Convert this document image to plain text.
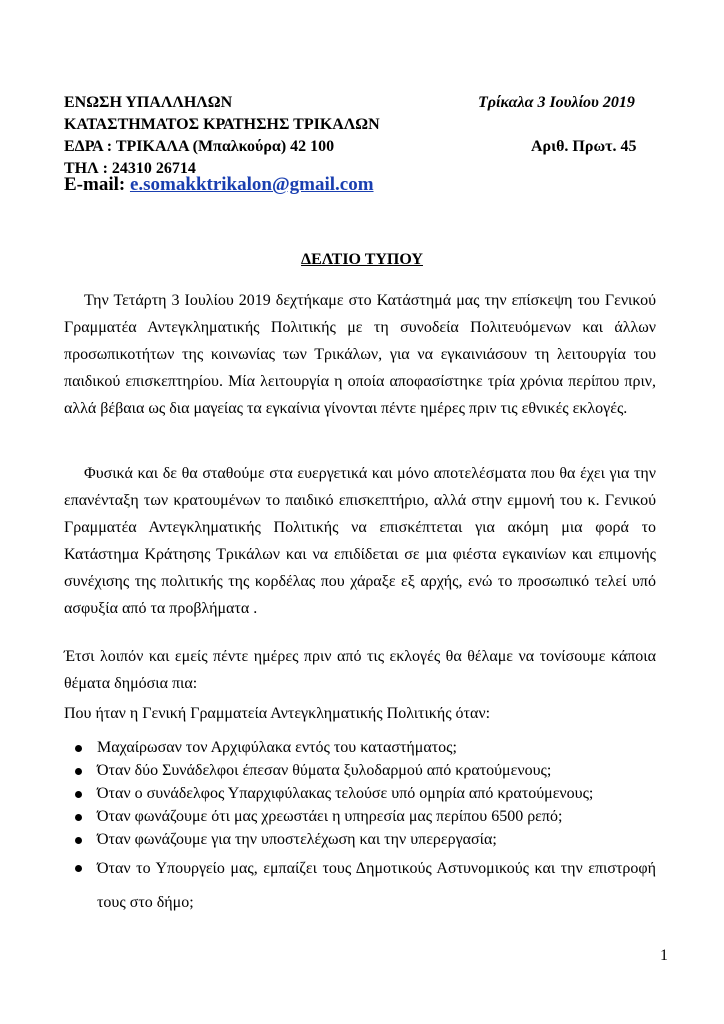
ΕΝΩΣΗ ΥΠΑΛΛΗΛΩΝ
ΚΑΤΑΣΤΗΜΑΤΟΣ ΚΡΑΤΗΣΗΣ ΤΡΙΚΑΛΩΝ
ΕΔΡΑ : ΤΡΙΚΑΛΑ (Μπαλκούρα) 42 100
ΤΗΛ : 24310 26714
E-mail: e.somakktrikalon@gmail.com
Τρίκαλα 3 Ιουλίου 2019
Αριθ. Πρωτ. 45
ΔΕΛΤΙΟ ΤΥΠΟΥ

Την Τετάρτη 3 Ιουλίου 2019 δεχτήκαμε στο Κατάστημά μας την επίσκεψη του Γενικού Γραμματέα Αντεγκληματικής Πολιτικής με τη συνοδεία Πολιτευόμενων και άλλων προσωπικοτήτων της κοινωνίας των Τρικάλων, για να εγκαινιάσουν τη λειτουργία του παιδικού επισκεπτηρίου. Μία λειτουργία η οποία αποφασίστηκε τρία χρόνια περίπου πριν, αλλά βέβαια ως δια μαγείας τα εγκαίνια γίνονται πέντε ημέρες πριν τις εθνικές εκλογές.

Φυσικά και δε θα σταθούμε στα ευεργετικά και μόνο αποτελέσματα που θα έχει για την επανένταξη των κρατουμένων το παιδικό επισκεπτήριο, αλλά στην εμμονή του κ. Γενικού Γραμματέα Αντεγκληματικής Πολιτικής να επισκέπτεται για ακόμη μια φορά το Κατάστημα Κράτησης Τρικάλων και να επιδίδεται σε μια φιέστα εγκαινίων και επιμονής συνέχισης της πολιτικής της κορδέλας που χάραξε εξ αρχής, ενώ το προσωπικό τελεί υπό ασφυξία από τα προβλήματα .

Έτσι λοιπόν και εμείς πέντε ημέρες πριν από τις εκλογές θα θέλαμε να τονίσουμε κάποια θέματα δημόσια πια:

Που ήταν η Γενική Γραμματεία Αντεγκληματικής Πολιτικής όταν:

Μαχαίρωσαν τον Αρχιφύλακα εντός του καταστήματος;
Όταν δύο Συνάδελφοι έπεσαν θύματα ξυλοδαρμού από κρατούμενους;
Όταν ο συνάδελφος Υπαρχιφύλακας τελούσε υπό ομηρία από κρατούμενους;
Όταν φωνάζουμε ότι μας χρεωστάει η υπηρεσία μας περίπου 6500 ρεπό;
Όταν φωνάζουμε για την υποστελέχωση και την υπερεργασία;
Όταν το Υπουργείο μας, εμπαίζει τους Δημοτικούς Αστυνομικούς και την επιστροφή τους στο δήμο;
1
